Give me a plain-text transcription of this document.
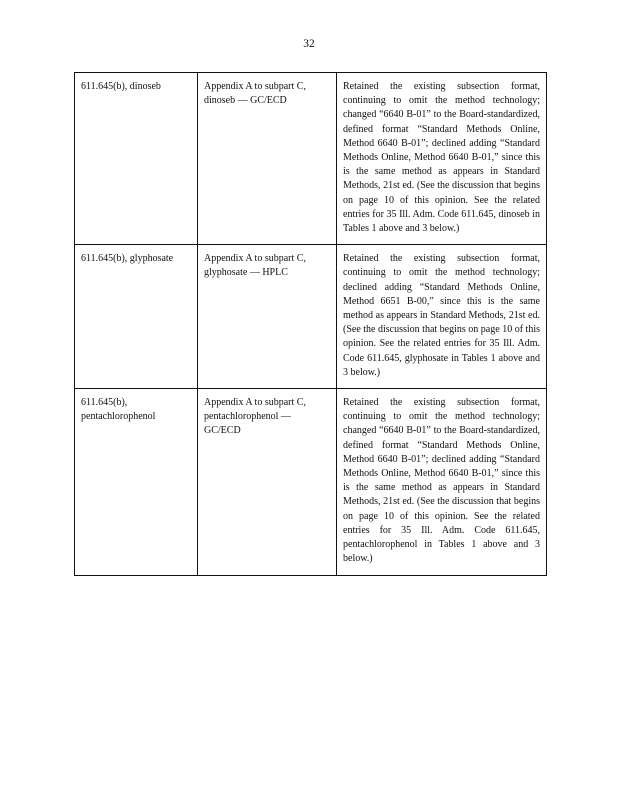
32
611.645(b), dinoseb	Appendix A to subpart C, dinoseb — GC/ECD	Retained the existing subsection format, continuing to omit the method technology; changed “6640 B-01” to the Board-standardized, defined format “Standard Methods Online, Method 6640 B-01”; declined adding “Standard Methods Online, Method 6640 B-01,” since this is the same method as appears in Standard Methods, 21st ed. (See the discussion that begins on page 10 of this opinion. See the related entries for 35 Ill. Adm. Code 611.645, dinoseb in Tables 1 above and 3 below.)
611.645(b), glyphosate	Appendix A to subpart C, glyphosate — HPLC	Retained the existing subsection format, continuing to omit the method technology; declined adding “Standard Methods Online, Method 6651 B-00,” since this is the same method as appears in Standard Methods, 21st ed. (See the discussion that begins on page 10 of this opinion. See the related entries for 35 Ill. Adm. Code 611.645, glyphosate in Tables 1 above and 3 below.)
611.645(b), pentachlorophenol	Appendix A to subpart C, pentachlorophenol — GC/ECD	Retained the existing subsection format, continuing to omit the method technology; changed “6640 B-01” to the Board-standardized, defined format “Standard Methods Online, Method 6640 B-01”; declined adding “Standard Methods Online, Method 6640 B-01,” since this is the same method as appears in Standard Methods, 21st ed. (See the discussion that begins on page 10 of this opinion. See the related entries for 35 Ill. Adm. Code 611.645, pentachlorophenol in Tables 1 above and 3 below.)
